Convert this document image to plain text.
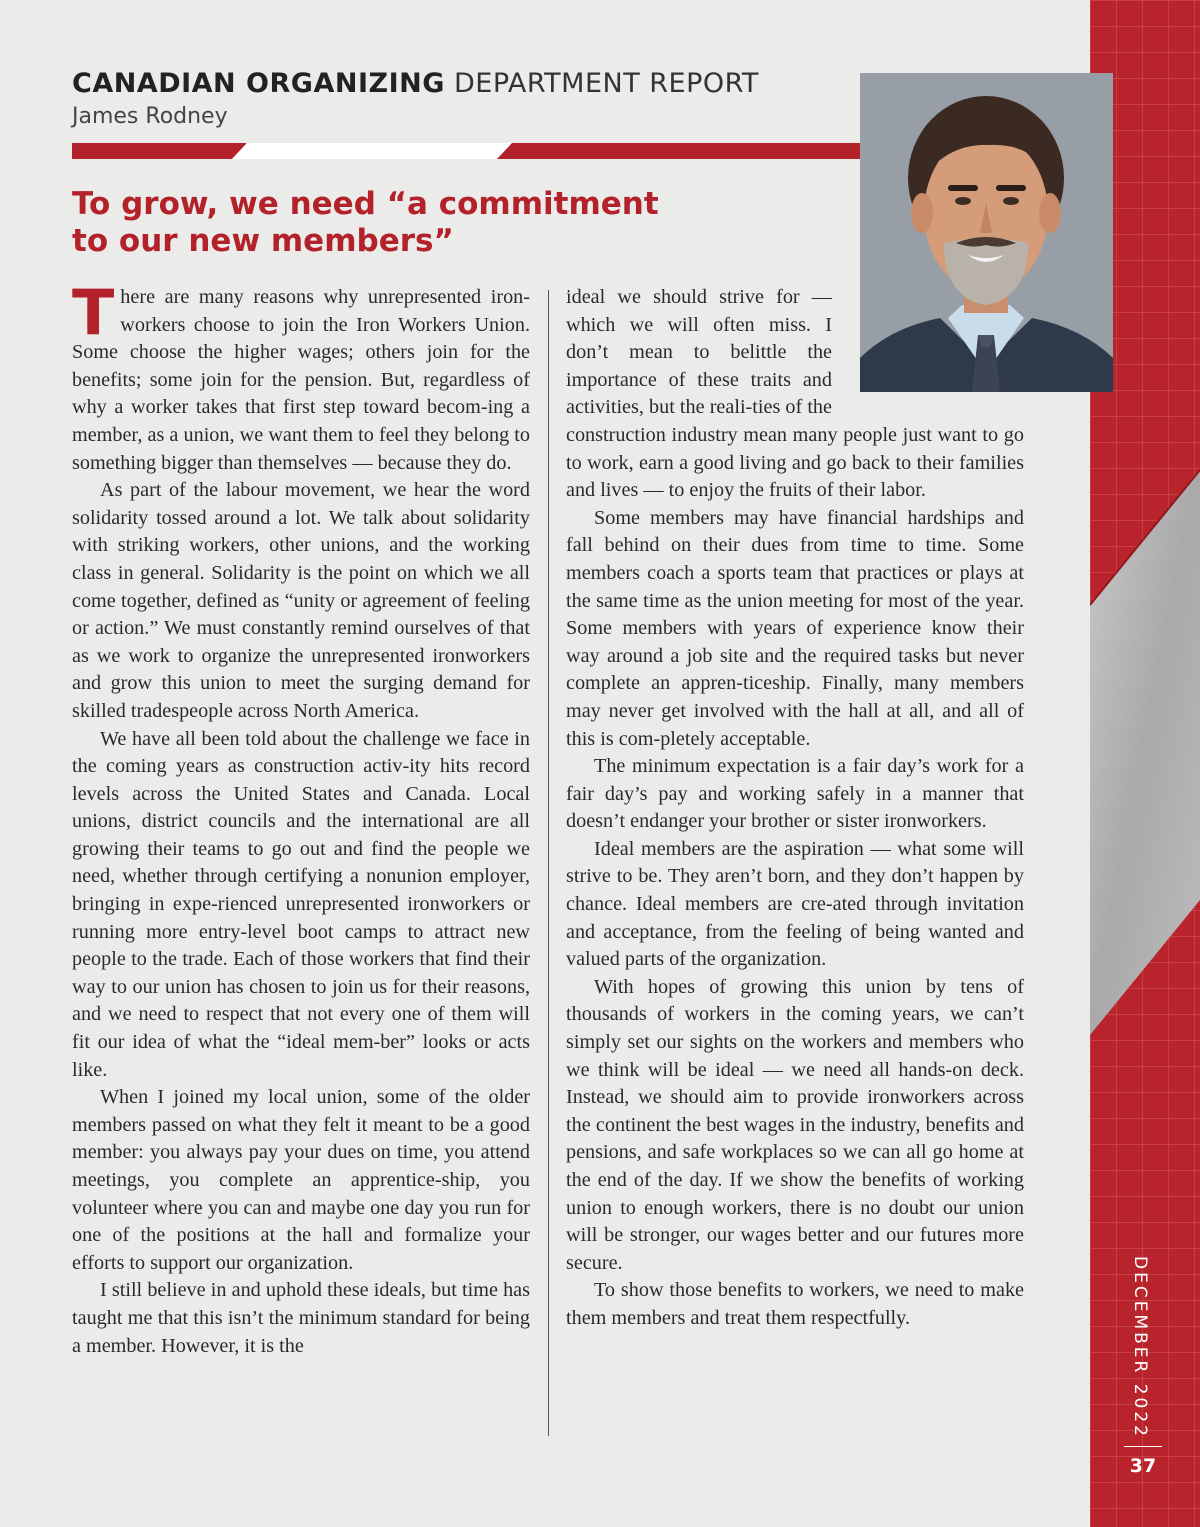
CANADIAN ORGANIZING DEPARTMENT REPORT
James Rodney
To grow, we need “a commitment
to our new members”

There are many reasons why unrepresented iron-workers choose to join the Iron Workers Union. Some choose the higher wages; others join for the benefits; some join for the pension. But, regardless of why a worker takes that first step toward becom-ing a member, as a union, we want them to feel they belong to something bigger than themselves — because they do.

As part of the labour movement, we hear the word solidarity tossed around a lot. We talk about solidarity with striking workers, other unions, and the working class in general. Solidarity is the point on which we all come together, defined as “unity or agreement of feeling or action.” We must constantly remind ourselves of that as we work to organize the unrepresented ironworkers and grow this union to meet the surging demand for skilled tradespeople across North America.

We have all been told about the challenge we face in the coming years as construction activ-ity hits record levels across the United States and Canada. Local unions, district councils and the international are all growing their teams to go out and find the people we need, whether through certifying a nonunion employer, bringing in expe-rienced unrepresented ironworkers or running more entry-level boot camps to attract new people to the trade. Each of those workers that find their way to our union has chosen to join us for their reasons, and we need to respect that not every one of them will fit our idea of what the “ideal mem-ber” looks or acts like.

When I joined my local union, some of the older members passed on what they felt it meant to be a good member: you always pay your dues on time, you attend meetings, you complete an apprentice-ship, you volunteer where you can and maybe one day you run for one of the positions at the hall and formalize your efforts to support our organization.

I still believe in and uphold these ideals, but time has taught me that this isn’t the minimum standard for being a member. However, it is the

ideal we should strive for — which we will often miss. I don’t mean to belittle the importance of these traits and activities, but the reali-ties of the construction industry mean many people just want to go to work, earn a good living and go back to their families and lives — to enjoy the fruits of their labor.

Some members may have financial hardships and fall behind on their dues from time to time. Some members coach a sports team that practices or plays at the same time as the union meeting for most of the year. Some members with years of experience know their way around a job site and the required tasks but never complete an appren-ticeship. Finally, many members may never get involved with the hall at all, and all of this is com-pletely acceptable.

The minimum expectation is a fair day’s work for a fair day’s pay and working safely in a manner that doesn’t endanger your brother or sister ironworkers.

Ideal members are the aspiration — what some will strive to be. They aren’t born, and they don’t happen by chance. Ideal members are cre-ated through invitation and acceptance, from the feeling of being wanted and valued parts of the organization.

With hopes of growing this union by tens of thousands of workers in the coming years, we can’t simply set our sights on the workers and members who we think will be ideal — we need all hands-on deck. Instead, we should aim to provide ironworkers across the continent the best wages in the industry, benefits and pensions, and safe workplaces so we can all go home at the end of the day. If we show the benefits of working union to enough workers, there is no doubt our union will be stronger, our wages better and our futures more secure.

To show those benefits to workers, we need to make them members and treat them respectfully.	DECEMBER 2022
37
